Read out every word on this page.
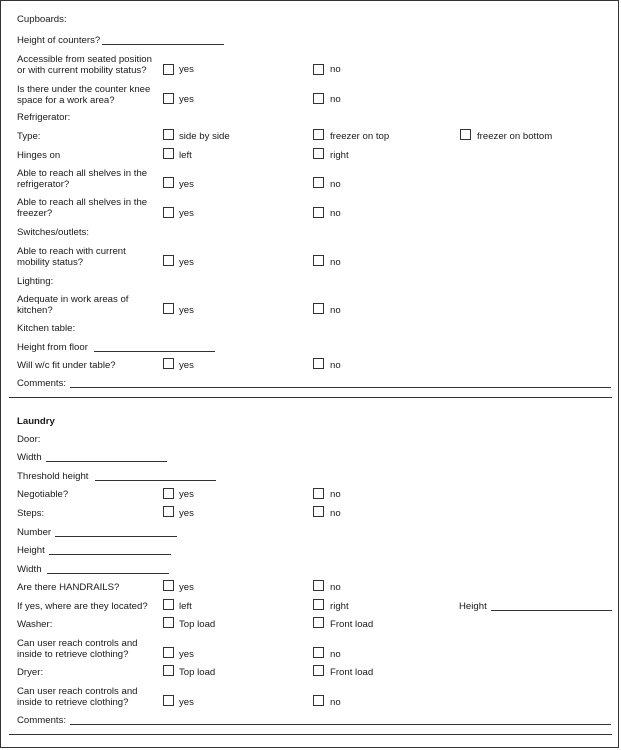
Cupboards:
Height of counters?
Accessible from seated position
or with current mobility status?	yes	no
Is there under the counter knee
space for a work area?	yes	no
Refrigerator:
Type:	side by side	freezer on top	freezer on bottom
Hinges on	left	right
Able to reach all shelves in the
refrigerator?	yes	no
Able to reach all shelves in the
freezer?	yes	no
Switches/outlets:
Able to reach with current
mobility status?	yes	no
Lighting:
Adequate in work areas of
kitchen?	yes	no
Kitchen table:
Height from floor
Will w/c fit under table?	yes	no
Comments:
Laundry
Door:
Width
Threshold height
Negotiable?	yes	no
Steps:	yes	no
Number
Height
Width
Are there HANDRAILS?	yes	no
If yes, where are they located?	left	right	Height
Washer:	Top load	Front load
Can user reach controls and
inside to retrieve clothing?	yes	no
Dryer:	Top load	Front load
Can user reach controls and
inside to retrieve clothing?	yes	no
Comments:
